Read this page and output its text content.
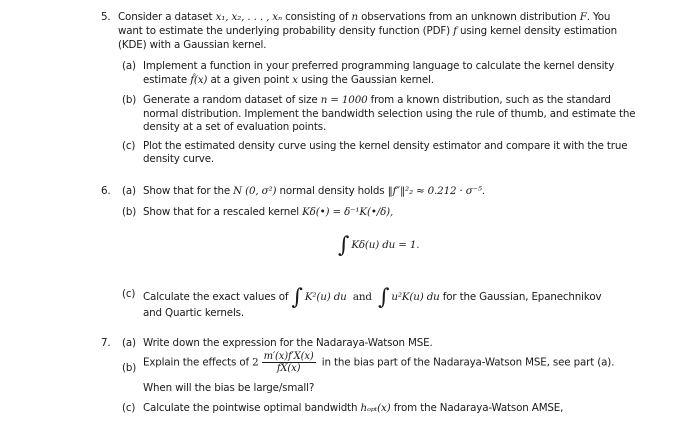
5. Consider a dataset x₁, x₂, . . . , xₙ consisting of n observations from an unknown distribution F. You
want to estimate the underlying probability density function (PDF) f using kernel density estimation
(KDE) with a Gaussian kernel.
(a) Implement a function in your preferred programming language to calculate the kernel density
estimate f̂(x) at a given point x using the Gaussian kernel.
(b) Generate a random dataset of size n = 1000 from a known distribution, such as the standard
normal distribution. Implement the bandwidth selection using the rule of thumb, and estimate the
density at a set of evaluation points.
(c) Plot the estimated density curve using the kernel density estimator and compare it with the true
density curve.
6. (a) Show that for the N (0, σ²) normal density holds ‖f″‖²₂ ≈ 0.212 · σ⁻⁵.
(b) Show that for a rescaled kernel Kδ(•) = δ⁻¹K(•/δ),
∫ Kδ(u) du = 1.
(c) Calculate the exact values of ∫ K²(u) du and ∫ u²K(u) du for the Gaussian, Epanechnikov
and Quartic kernels.
7. (a) Write down the expression for the Nadaraya-Watson MSE.
(b) Explain the effects of $2 \frac{m'(x)f'X(x)}{fX(x)}$ in the bias part of the Nadaraya-Watson MSE, see part (a).
When will the bias be large/small?
(c) Calculate the pointwise optimal bandwidth hₒₚₜ(x) from the Nadaraya-Watson AMSE,
